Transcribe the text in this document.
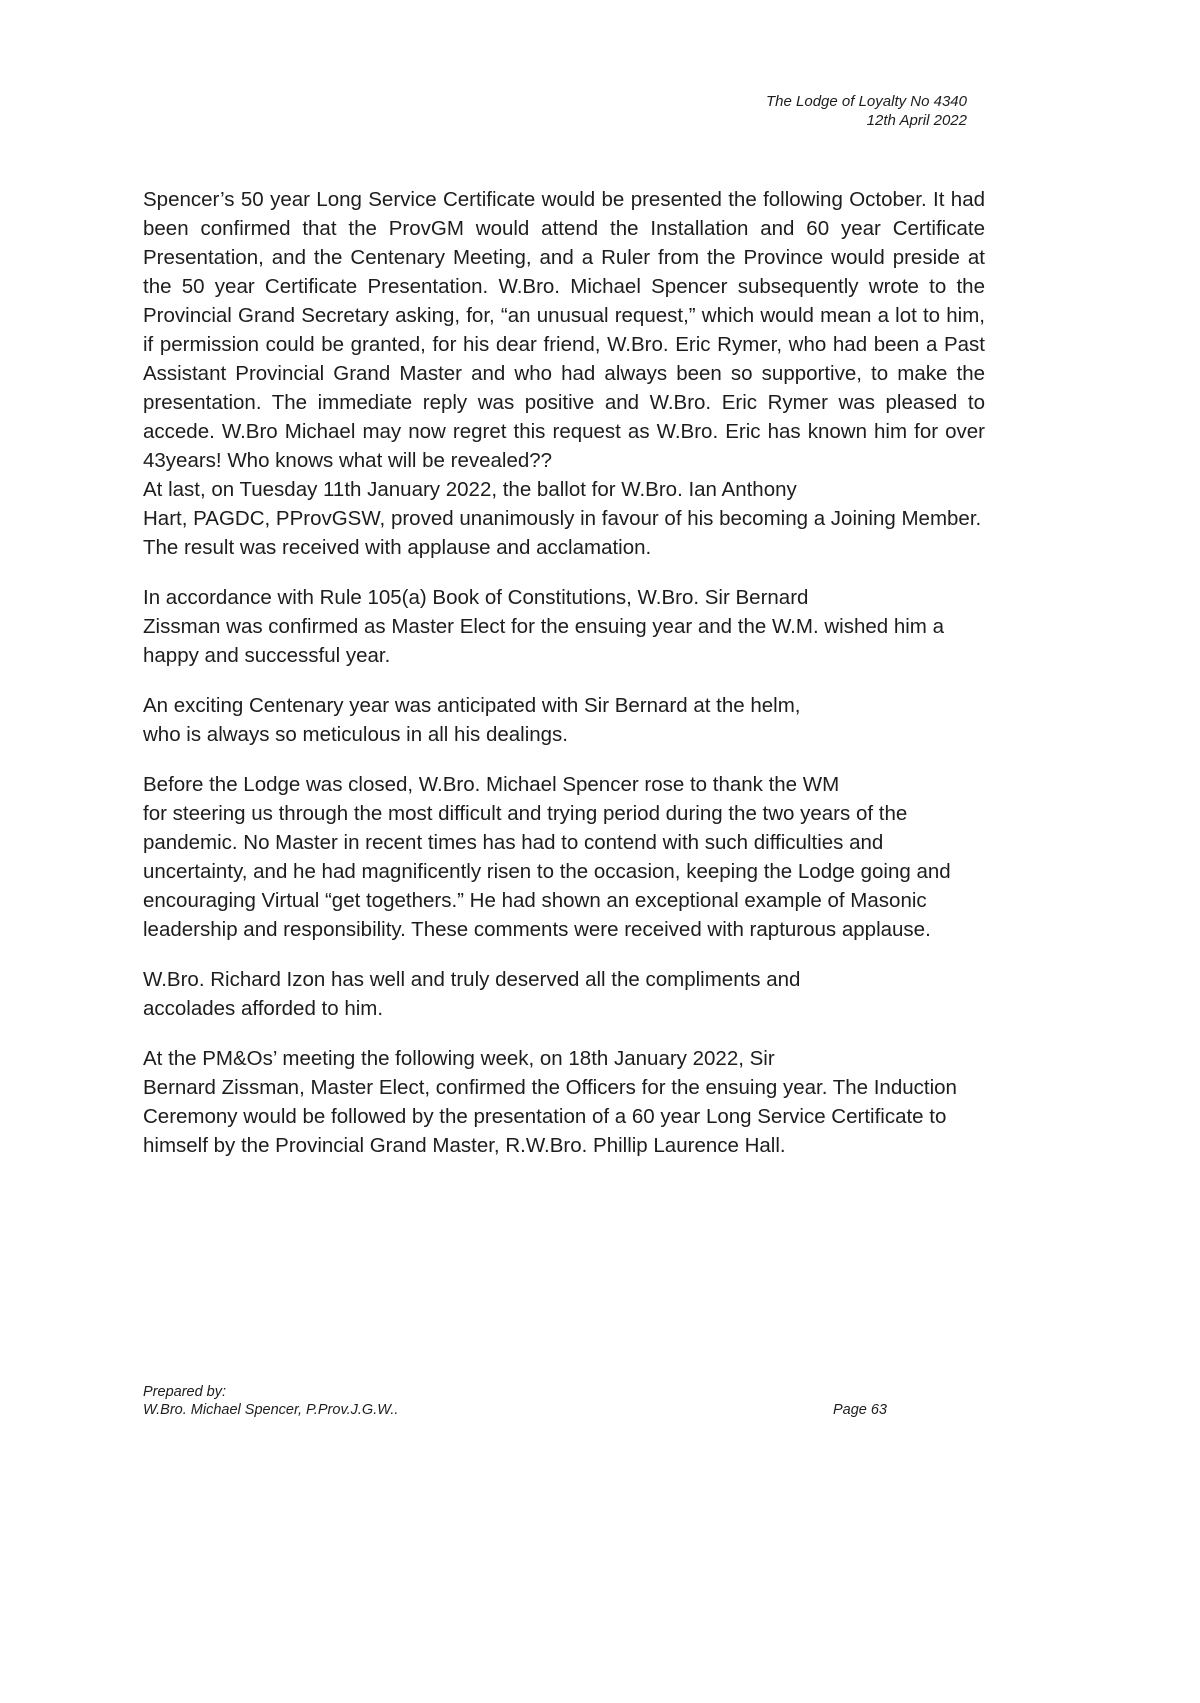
The Lodge of Loyalty No 4340
12th April 2022

Spencer’s 50 year Long Service Certificate would be presented the following October. It had been confirmed that the ProvGM would attend the Installation and 60 year Certificate Presentation, and the Centenary Meeting, and a Ruler from the Province would preside at the 50 year Certificate Presentation. W.Bro. Michael Spencer subsequently wrote to the Provincial Grand Secretary asking, for, “an unusual request,” which would mean a lot to him, if permission could be granted, for his dear friend, W.Bro. Eric Rymer, who had been a Past Assistant Provincial Grand Master and who had always been so supportive, to make the presentation. The immediate reply was positive and W.Bro. Eric Rymer was pleased to accede. W.Bro Michael may now regret this request as W.Bro. Eric has known him for over 43years! Who knows what will be revealed??

At last, on Tuesday 11th January 2022, the ballot for W.Bro. Ian Anthony

Hart, PAGDC, PProvGSW, proved unanimously in favour of his becoming a Joining Member. The result was received with applause and acclamation.

In accordance with Rule 105(a) Book of Constitutions, W.Bro. Sir Bernard

Zissman was confirmed as Master Elect for the ensuing year and the W.M. wished him a happy and successful year.

An exciting Centenary year was anticipated with Sir Bernard at the helm,

who is always so meticulous in all his dealings.

Before the Lodge was closed, W.Bro. Michael Spencer rose to thank the WM

for steering us through the most difficult and trying period during the two years of the pandemic. No Master in recent times has had to contend with such difficulties and uncertainty, and he had magnificently risen to the occasion, keeping the Lodge going and encouraging Virtual “get togethers.” He had shown an exceptional example of Masonic leadership and responsibility. These comments were received with rapturous applause.

W.Bro. Richard Izon has well and truly deserved all the compliments and

accolades afforded to him.

At the PM&Os’ meeting the following week, on 18th January 2022, Sir

Bernard Zissman, Master Elect, confirmed the Officers for the ensuing year. The Induction Ceremony would be followed by the presentation of a 60 year Long Service Certificate to himself by the Provincial Grand Master, R.W.Bro. Phillip Laurence Hall.

Prepared by:
W.Bro. Michael Spencer, P.Prov.J.G.W..	Page 63
